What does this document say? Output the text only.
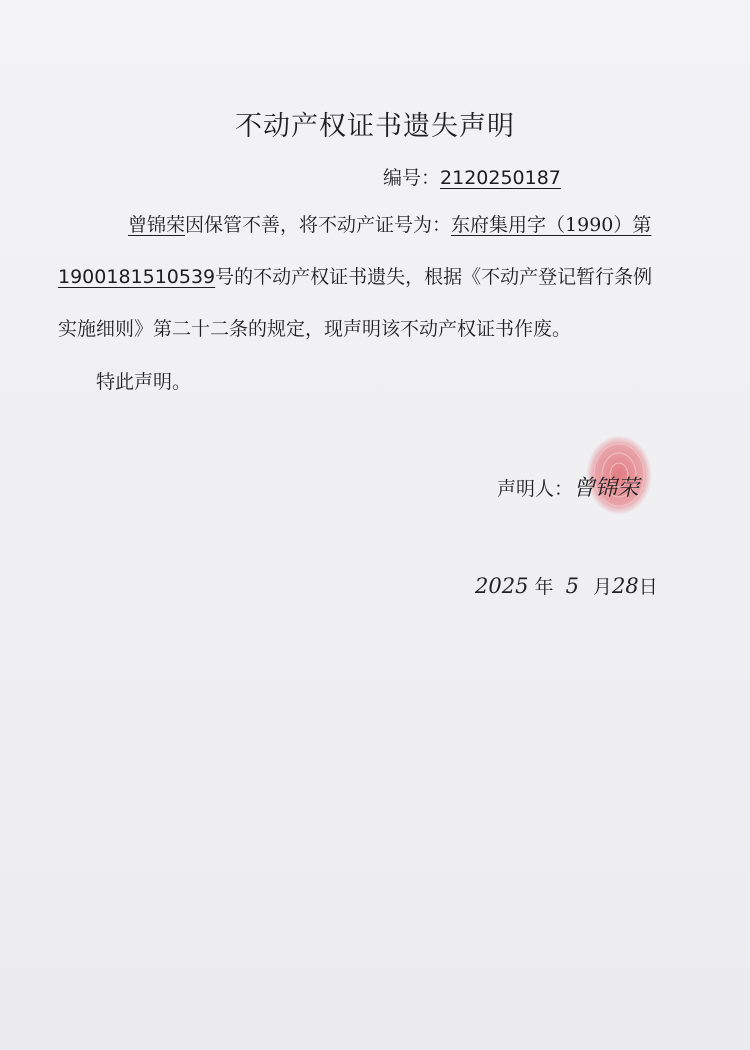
不动产权证书遗失声明
编号：2120250187
曾锦荣因保管不善，将不动产证号为：东府集用字（1990）第
1900181510539号的不动产权证书遗失，根据《不动产登记暂行条例
实施细则》第二十二条的规定，现声明该不动产权证书作废。
特此声明。
声明人：曾锦荣
2025 年 5 月28日
